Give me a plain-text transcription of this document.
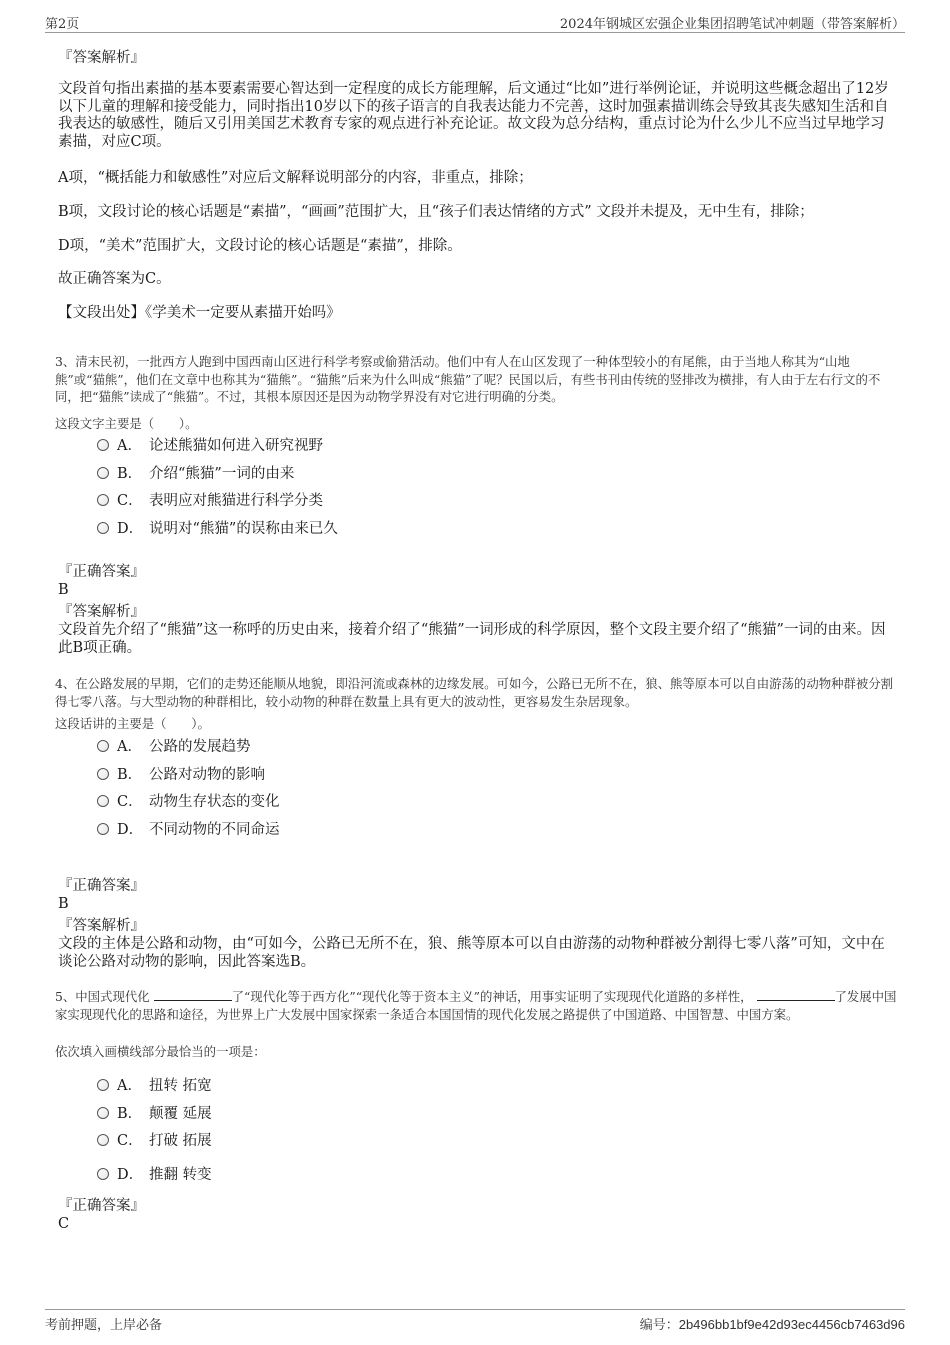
第2页	2024年钢城区宏强企业集团招聘笔试冲刺题（带答案解析）
『答案解析』
文段首句指出素描的基本要素需要心智达到一定程度的成长方能理解，后文通过“比如”进行举例论证，并说明这些概念超出了12岁以下儿童的理解和接受能力，同时指出10岁以下的孩子语言的自我表达能力不完善，这时加强素描训练会导致其丧失感知生活和自我表达的敏感性，随后又引用美国艺术教育专家的观点进行补充论证。故文段为总分结构，重点讨论为什么少儿不应当过早地学习素描，对应C项。
A项，“概括能力和敏感性”对应后文解释说明部分的内容，非重点，排除；
B项，文段讨论的核心话题是“素描”，“画画”范围扩大，且“孩子们表达情绪的方式” 文段并未提及，无中生有，排除；
D项，“美术”范围扩大，文段讨论的核心话题是“素描”，排除。
故正确答案为C。
【文段出处】《学美术一定要从素描开始吗》
3、清末民初，一批西方人跑到中国西南山区进行科学考察或偷猎活动。他们中有人在山区发现了一种体型较小的有尾熊，由于当地人称其为“山地熊”或“猫熊”，他们在文章中也称其为“猫熊”。“猫熊”后来为什么叫成“熊猫”了呢？民国以后，有些书刊由传统的竖排改为横排，有人由于左右行文的不同，把“猫熊”读成了“熊猫”。不过，其根本原因还是因为动物学界没有对它进行明确的分类。
这段文字主要是（　　）。
A． 论述熊猫如何进入研究视野
B． 介绍“熊猫”一词的由来
C． 表明应对熊猫进行科学分类
D． 说明对“熊猫”的误称由来已久
『正确答案』
B
『答案解析』
文段首先介绍了“熊猫”这一称呼的历史由来，接着介绍了“熊猫”一词形成的科学原因，整个文段主要介绍了“熊猫”一词的由来。因此B项正确。
4、在公路发展的早期，它们的走势还能顺从地貌，即沿河流或森林的边缘发展。可如今，公路已无所不在，狼、熊等原本可以自由游荡的动物种群被分割得七零八落。与大型动物的种群相比，较小动物的种群在数量上具有更大的波动性，更容易发生杂居现象。
这段话讲的主要是（　　）。
A． 公路的发展趋势
B． 公路对动物的影响
C． 动物生存状态的变化
D． 不同动物的不同命运
『正确答案』
B
『答案解析』
文段的主体是公路和动物，由“可如今，公路已无所不在，狼、熊等原本可以自由游荡的动物种群被分割得七零八落”可知，文中在谈论公路对动物的影响，因此答案选B。
5、中国式现代化	了“现代化等于西方化”“现代化等于资本主义”的神话，用事实证明了实现现代化道路的多样性，	了发展中国家实现现代化的思路和途径，为世界上广大发展中国家探索一条适合本国国情的现代化发展之路提供了中国道路、中国智慧、中国方案。
依次填入画横线部分最恰当的一项是：
A． 扭转 拓宽
B． 颠覆 延展
C． 打破 拓展
D． 推翻 转变
『正确答案』
C
考前押题，上岸必备	编号：2b496bb1bf9e42d93ec4456cb7463d96
